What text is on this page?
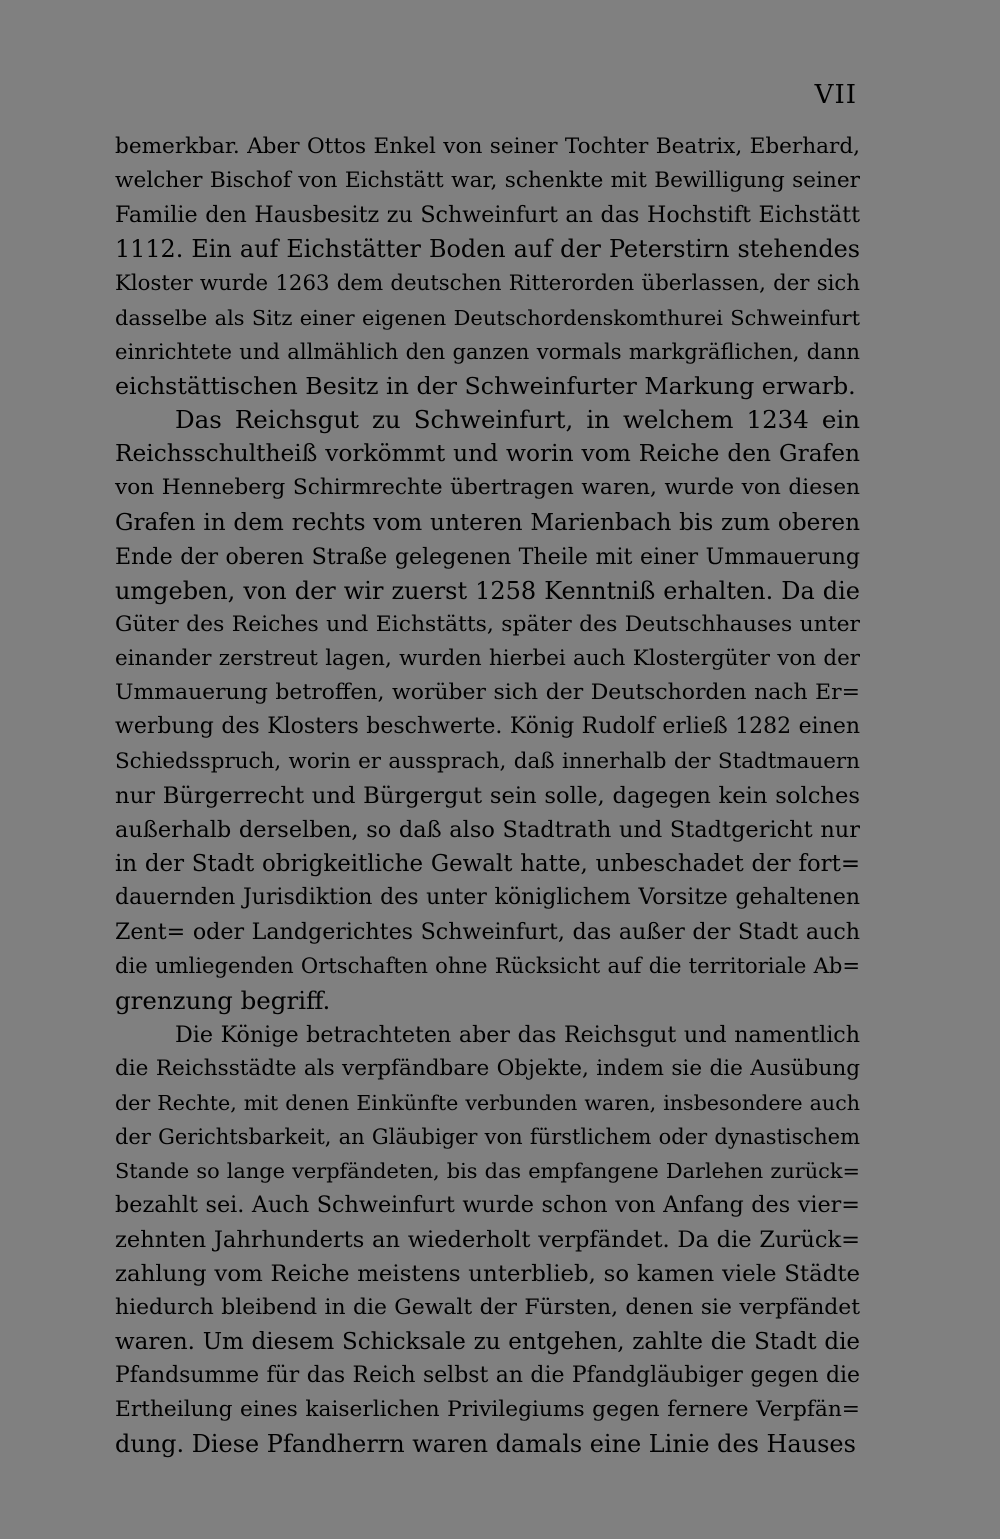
VII
bemerkbar. Aber Ottos Enkel von seiner Tochter Beatrix, Eberhard,
welcher Bischof von Eichstätt war, schenkte mit Bewilligung seiner
Familie den Hausbesitz zu Schweinfurt an das Hochstift Eichstätt
1112. Ein auf Eichstätter Boden auf der Peterstirn stehendes
Kloster wurde 1263 dem deutschen Ritterorden überlassen, der sich
dasselbe als Sitz einer eigenen Deutschordenskomthurei Schweinfurt
einrichtete und allmählich den ganzen vormals markgräflichen, dann
eichstättischen Besitz in der Schweinfurter Markung erwarb.
Das Reichsgut zu Schweinfurt, in welchem 1234 ein
Reichsschultheiß vorkömmt und worin vom Reiche den Grafen
von Henneberg Schirmrechte übertragen waren, wurde von diesen
Grafen in dem rechts vom unteren Marienbach bis zum oberen
Ende der oberen Straße gelegenen Theile mit einer Ummauerung
umgeben, von der wir zuerst 1258 Kenntniß erhalten. Da die
Güter des Reiches und Eichstätts, später des Deutschhauses unter
einander zerstreut lagen, wurden hierbei auch Klostergüter von der
Ummauerung betroffen, worüber sich der Deutschorden nach Er=
werbung des Klosters beschwerte. König Rudolf erließ 1282 einen
Schiedsspruch, worin er aussprach, daß innerhalb der Stadtmauern
nur Bürgerrecht und Bürgergut sein solle, dagegen kein solches
außerhalb derselben, so daß also Stadtrath und Stadtgericht nur
in der Stadt obrigkeitliche Gewalt hatte, unbeschadet der fort=
dauernden Jurisdiktion des unter königlichem Vorsitze gehaltenen
Zent= oder Landgerichtes Schweinfurt, das außer der Stadt auch
die umliegenden Ortschaften ohne Rücksicht auf die territoriale Ab=
grenzung begriff.
Die Könige betrachteten aber das Reichsgut und namentlich
die Reichsstädte als verpfändbare Objekte, indem sie die Ausübung
der Rechte, mit denen Einkünfte verbunden waren, insbesondere auch
der Gerichtsbarkeit, an Gläubiger von fürstlichem oder dynastischem
Stande so lange verpfändeten, bis das empfangene Darlehen zurück=
bezahlt sei. Auch Schweinfurt wurde schon von Anfang des vier=
zehnten Jahrhunderts an wiederholt verpfändet. Da die Zurück=
zahlung vom Reiche meistens unterblieb, so kamen viele Städte
hiedurch bleibend in die Gewalt der Fürsten, denen sie verpfändet
waren. Um diesem Schicksale zu entgehen, zahlte die Stadt die
Pfandsumme für das Reich selbst an die Pfandgläubiger gegen die
Ertheilung eines kaiserlichen Privilegiums gegen fernere Verpfän=
dung. Diese Pfandherrn waren damals eine Linie des Hauses
